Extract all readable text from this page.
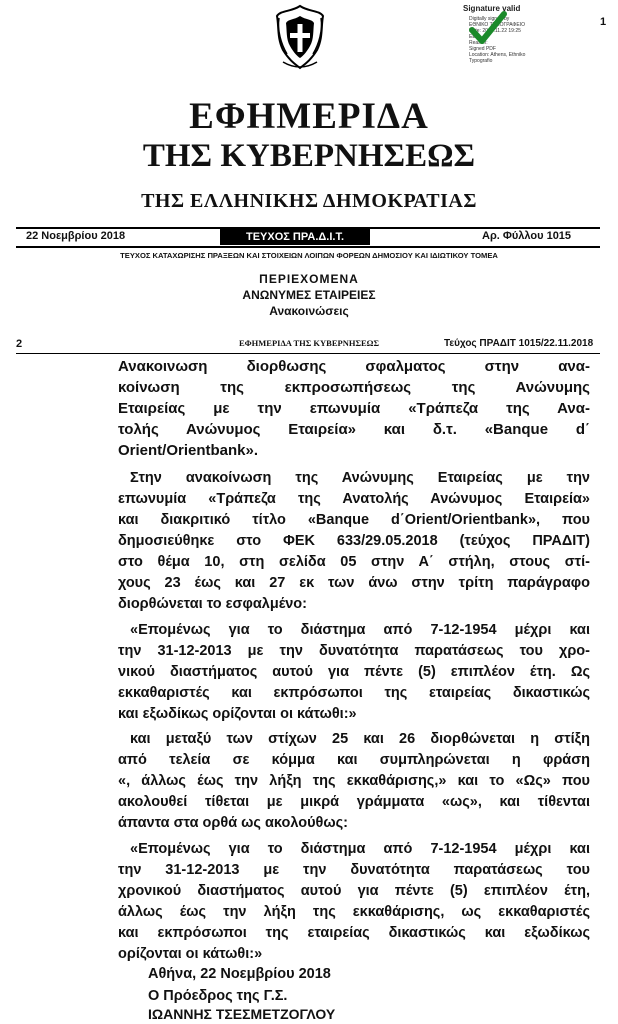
Signature valid
Digitally signed by
ΕΘΝΙΚΟ ΤΥΠΟΓΡΑΦΕΙΟ
Date: 2018.11.22 19:25
EET
Reason:
Signed PDF
Location: Athens, Ethnikο
Typografio
1
ΕΦΗΜΕΡΙΔΑ
ΤΗΣ ΚΥΒΕΡΝΗΣΕΩΣ
ΤΗΣ ΕΛΛΗΝΙΚΗΣ ΔΗΜΟΚΡΑΤΙΑΣ
22 Νοεμβρίου 2018	ΤΕΥΧΟΣ ΠΡΑ.Δ.Ι.Τ.	Αρ. Φύλλου 1015
ΤΕΥΧΟΣ ΚΑΤΑΧΩΡΙΣΗΣ ΠΡΑΞΕΩΝ ΚΑΙ ΣΤΟΙΧΕΙΩΝ ΛΟΙΠΩΝ ΦΟΡΕΩΝ ΔΗΜΟΣΙΟΥ ΚΑΙ ΙΔΙΩΤΙΚΟΥ ΤΟΜΕΑ
ΠΕΡΙΕΧΟΜΕΝΑ
ΑΝΩΝΥΜΕΣ ΕΤΑΙΡΕΙΕΣ
Ανακοινώσεις
2	ΕΦΗΜΕΡΙΔΑ ΤΗΣ ΚΥΒΕΡΝΗΣΕΩΣ	Τεύχος ΠΡΑΔΙΤ 1015/22.11.2018
Ανακοινωση διορθωσης σφαλματος στην ανα-
κοίνωση της εκπροσωπήσεως της Ανώνυμης
Εταιρείας με την επωνυμία «Τράπεζα της Ανα-
τολής Ανώνυμος Εταιρεία» και δ.τ. «Banque d΄
Orient/Orientbank».
Στην ανακοίνωση της Ανώνυμης Εταιρείας με την
επωνυμία «Τράπεζα της Ανατολής Ανώνυμος Εταιρεία»
και διακριτικό τίτλο «Banque d΄Orient/Orientbank», που
δημοσιεύθηκε στο ΦΕΚ 633/29.05.2018 (τεύχος ΠΡΑΔΙΤ)
στο θέμα 10, στη σελίδα 05 στην Α΄ στήλη, στους στί-
χους 23 έως και 27 εκ των άνω στην τρίτη παράγραφο
διορθώνεται το εσφαλμένο:
«Επομένως για το διάστημα από 7-12-1954 μέχρι και
την 31-12-2013 με την δυνατότητα παρατάσεως του χρο-
νικού διαστήματος αυτού για πέντε (5) επιπλέον έτη. Ως
εκκαθαριστές και εκπρόσωποι της εταιρείας δικαστικώς
και εξωδίκως ορίζονται οι κάτωθι:»
και μεταξύ των στίχων 25 και 26 διορθώνεται η στίξη
από τελεία σε κόμμα και συμπληρώνεται η φράση
«, άλλως έως την λήξη της εκκαθάρισης,» και το «Ως» που
ακολουθεί τίθεται με μικρά γράμματα «ως», και τίθενται
άπαντα στα ορθά ως ακολούθως:
«Επομένως για το διάστημα από 7-12-1954 μέχρι και
την 31-12-2013 με την δυνατότητα παρατάσεως του
χρονικού διαστήματος αυτού για πέντε (5) επιπλέον έτη,
άλλως έως την λήξη της εκκαθάρισης, ως εκκαθαριστές
και εκπρόσωποι της εταιρείας δικαστικώς και εξωδίκως
ορίζονται οι κάτωθι:»
Αθήνα, 22 Νοεμβρίου 2018
Ο Πρόεδρος της Γ.Σ.
ΙΩΑΝΝΗΣ ΤΣΕΣΜΕΤΖΟΓΛΟΥ
